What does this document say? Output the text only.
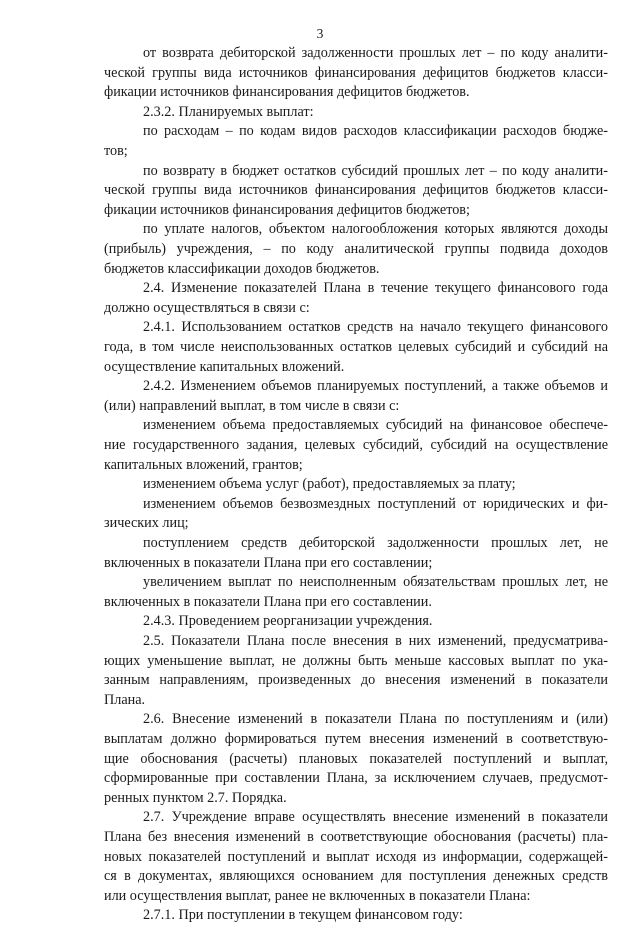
3
от возврата дебиторской задолженности прошлых лет – по коду аналити-
ческой группы вида источников финансирования дефицитов бюджетов класси-
фикации источников финансирования дефицитов бюджетов.
2.3.2. Планируемых выплат:
по расходам – по кодам видов расходов классификации расходов бюдже-
тов;
по возврату в бюджет остатков субсидий прошлых лет – по коду аналити-
ческой группы вида источников финансирования дефицитов бюджетов класси-
фикации источников финансирования дефицитов бюджетов;
по уплате налогов, объектом налогообложения которых являются доходы
(прибыль) учреждения, – по коду аналитической группы подвида доходов
бюджетов классификации доходов бюджетов.
2.4. Изменение показателей Плана в течение текущего финансового года
должно осуществляться в связи с:
2.4.1. Использованием остатков средств на начало текущего финансового
года, в том числе неиспользованных остатков целевых субсидий и субсидий на
осуществление капитальных вложений.
2.4.2. Изменением объемов планируемых поступлений, а также объемов и
(или) направлений выплат, в том числе в связи с:
изменением объема предоставляемых субсидий на финансовое обеспече-
ние государственного задания, целевых субсидий, субсидий на осуществление
капитальных вложений, грантов;
изменением объема услуг (работ), предоставляемых за плату;
изменением объемов безвозмездных поступлений от юридических и фи-
зических лиц;
поступлением средств дебиторской задолженности прошлых лет, не
включенных в показатели Плана при его составлении;
увеличением выплат по неисполненным обязательствам прошлых лет, не
включенных в показатели Плана при его составлении.
2.4.3. Проведением реорганизации учреждения.
2.5. Показатели Плана после внесения в них изменений, предусматрива-
ющих уменьшение выплат, не должны быть меньше кассовых выплат по ука-
занным направлениям, произведенных до внесения изменений в показатели
Плана.
2.6. Внесение изменений в показатели Плана по поступлениям и (или)
выплатам должно формироваться путем внесения изменений в соответствую-
щие обоснования (расчеты) плановых показателей поступлений и выплат,
сформированные при составлении Плана, за исключением случаев, предусмот-
ренных пунктом 2.7. Порядка.
2.7. Учреждение вправе осуществлять внесение изменений в показатели
Плана без внесения изменений в соответствующие обоснования (расчеты) пла-
новых показателей поступлений и выплат исходя из информации, содержащей-
ся в документах, являющихся основанием для поступления денежных средств
или осуществления выплат, ранее не включенных в показатели Плана:
2.7.1. При поступлении в текущем финансовом году:
